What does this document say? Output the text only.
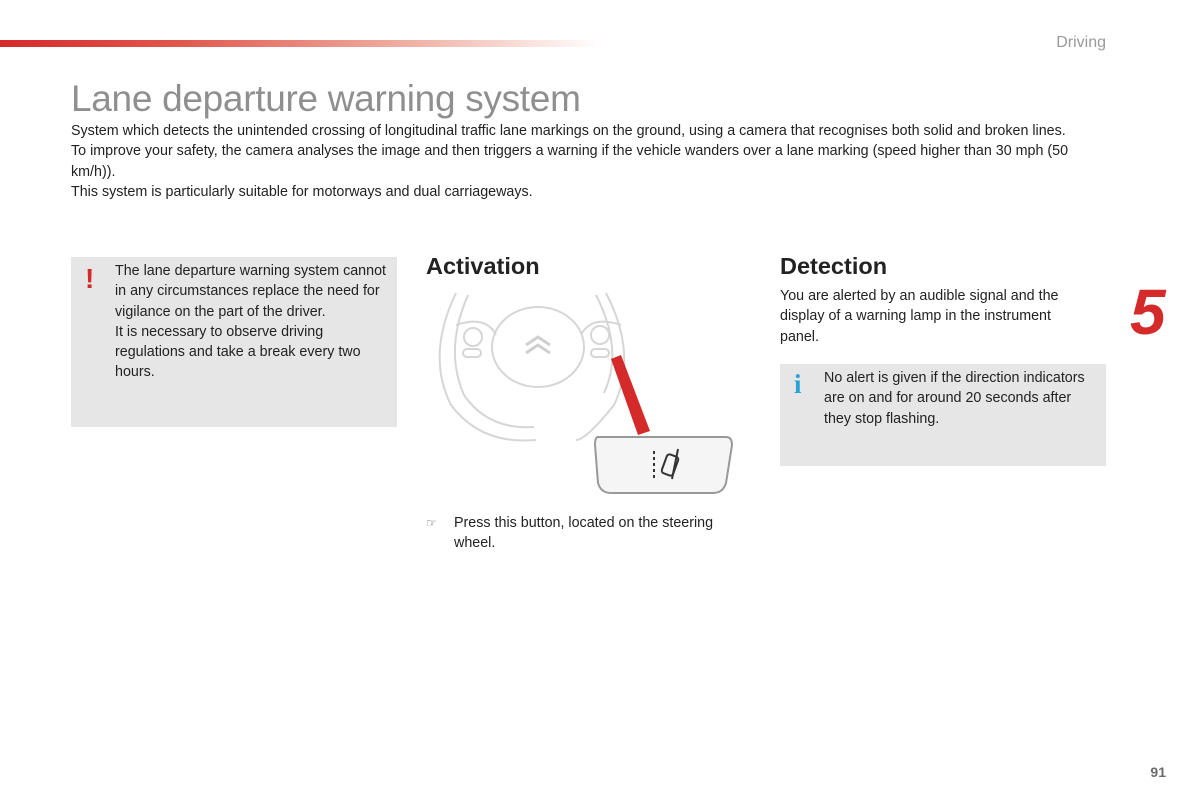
Driving
Lane departure warning system

System which detects the unintended crossing of longitudinal traffic lane markings on the ground, using a camera that recognises both solid and broken lines.

To improve your safety, the camera analyses the image and then triggers a warning if the vehicle wanders over a lane marking (speed higher than 30 mph (50 km/h)).

This system is particularly suitable for motorways and dual carriageways.

! The lane departure warning system cannot in any circumstances replace the need for vigilance on the part of the driver.

It is necessary to observe driving regulations and take a break every two hours.

Activation
☞ Press this button, located on the steering wheel.
Detection
You are alerted by an audible signal and the display of a warning lamp in the instrument panel.
i No alert is given if the direction indicators are on and for around 20 seconds after they stop flashing.
5
91
